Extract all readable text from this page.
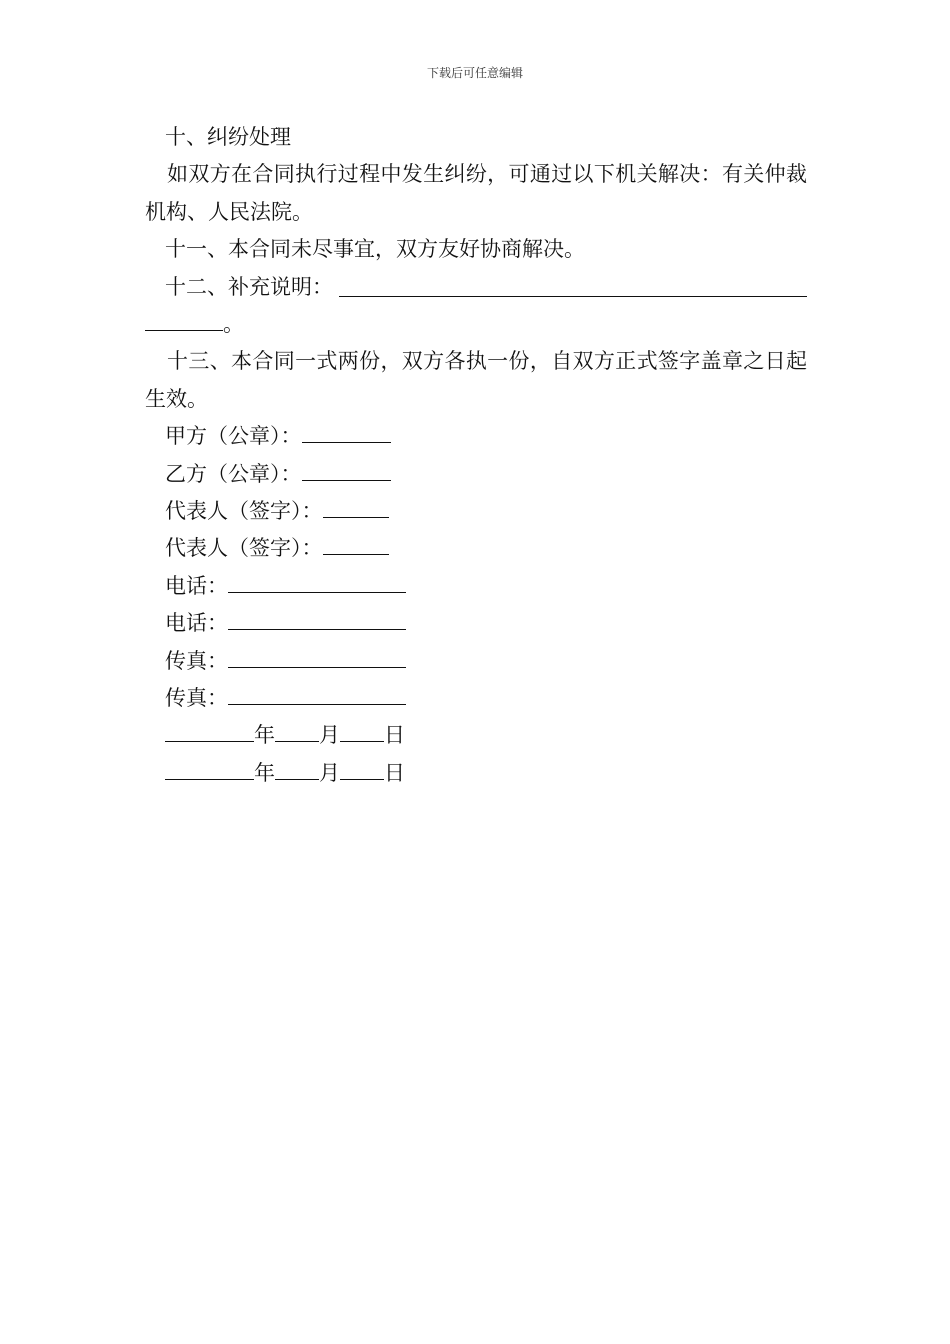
下载后可任意编辑
十、纠纷处理
如双方在合同执行过程中发生纠纷，可通过以下机关解决：有关仲裁机构、人民法院。
十一、本合同未尽事宜，双方友好协商解决。
十二、补充说明：
。
十三、本合同一式两份，双方各执一份，自双方正式签字盖章之日起生效。
甲方（公章）：
乙方（公章）：
代表人（签字）：
代表人（签字）：
电话：
电话：
传真：
传真：
年 月 日
年 月 日
